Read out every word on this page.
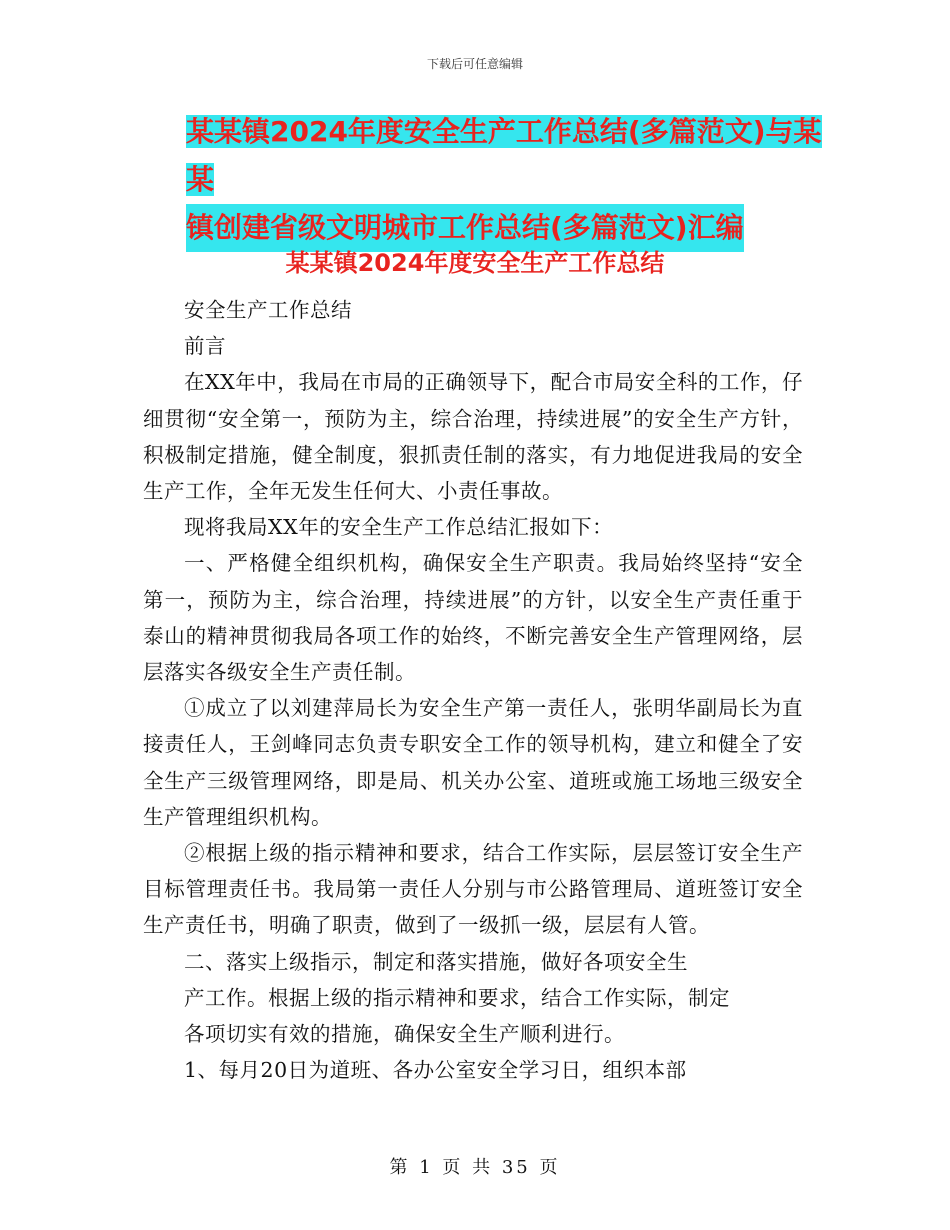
下载后可任意编辑
某某镇2024年度安全生产工作总结(多篇范文)与某某
镇创建省级文明城市工作总结(多篇范文)汇编
某某镇2024年度安全生产工作总结

安全生产工作总结

前言

在XX年中，我局在市局的正确领导下，配合市局安全科的工作，仔细贯彻“安全第一，预防为主，综合治理，持续进展”的安全生产方针，积极制定措施，健全制度，狠抓责任制的落实，有力地促进我局的安全生产工作，全年无发生任何大、小责任事故。

现将我局XX年的安全生产工作总结汇报如下：

一、严格健全组织机构，确保安全生产职责。我局始终坚持“安全第一，预防为主，综合治理，持续进展”的方针，以安全生产责任重于泰山的精神贯彻我局各项工作的始终，不断完善安全生产管理网络，层层落实各级安全生产责任制。

①成立了以刘建萍局长为安全生产第一责任人，张明华副局长为直接责任人，王剑峰同志负责专职安全工作的领导机构，建立和健全了安全生产三级管理网络，即是局、机关办公室、道班或施工场地三级安全生产管理组织机构。

②根据上级的指示精神和要求，结合工作实际，层层签订安全生产目标管理责任书。我局第一责任人分别与市公路管理局、道班签订安全生产责任书，明确了职责，做到了一级抓一级，层层有人管。

二、落实上级指示，制定和落实措施，做好各项安全生

产工作。根据上级的指示精神和要求，结合工作实际，制定

各项切实有效的措施，确保安全生产顺利进行。

1、每月20日为道班、各办公室安全学习日，组织本部

第 1 页 共 35 页
